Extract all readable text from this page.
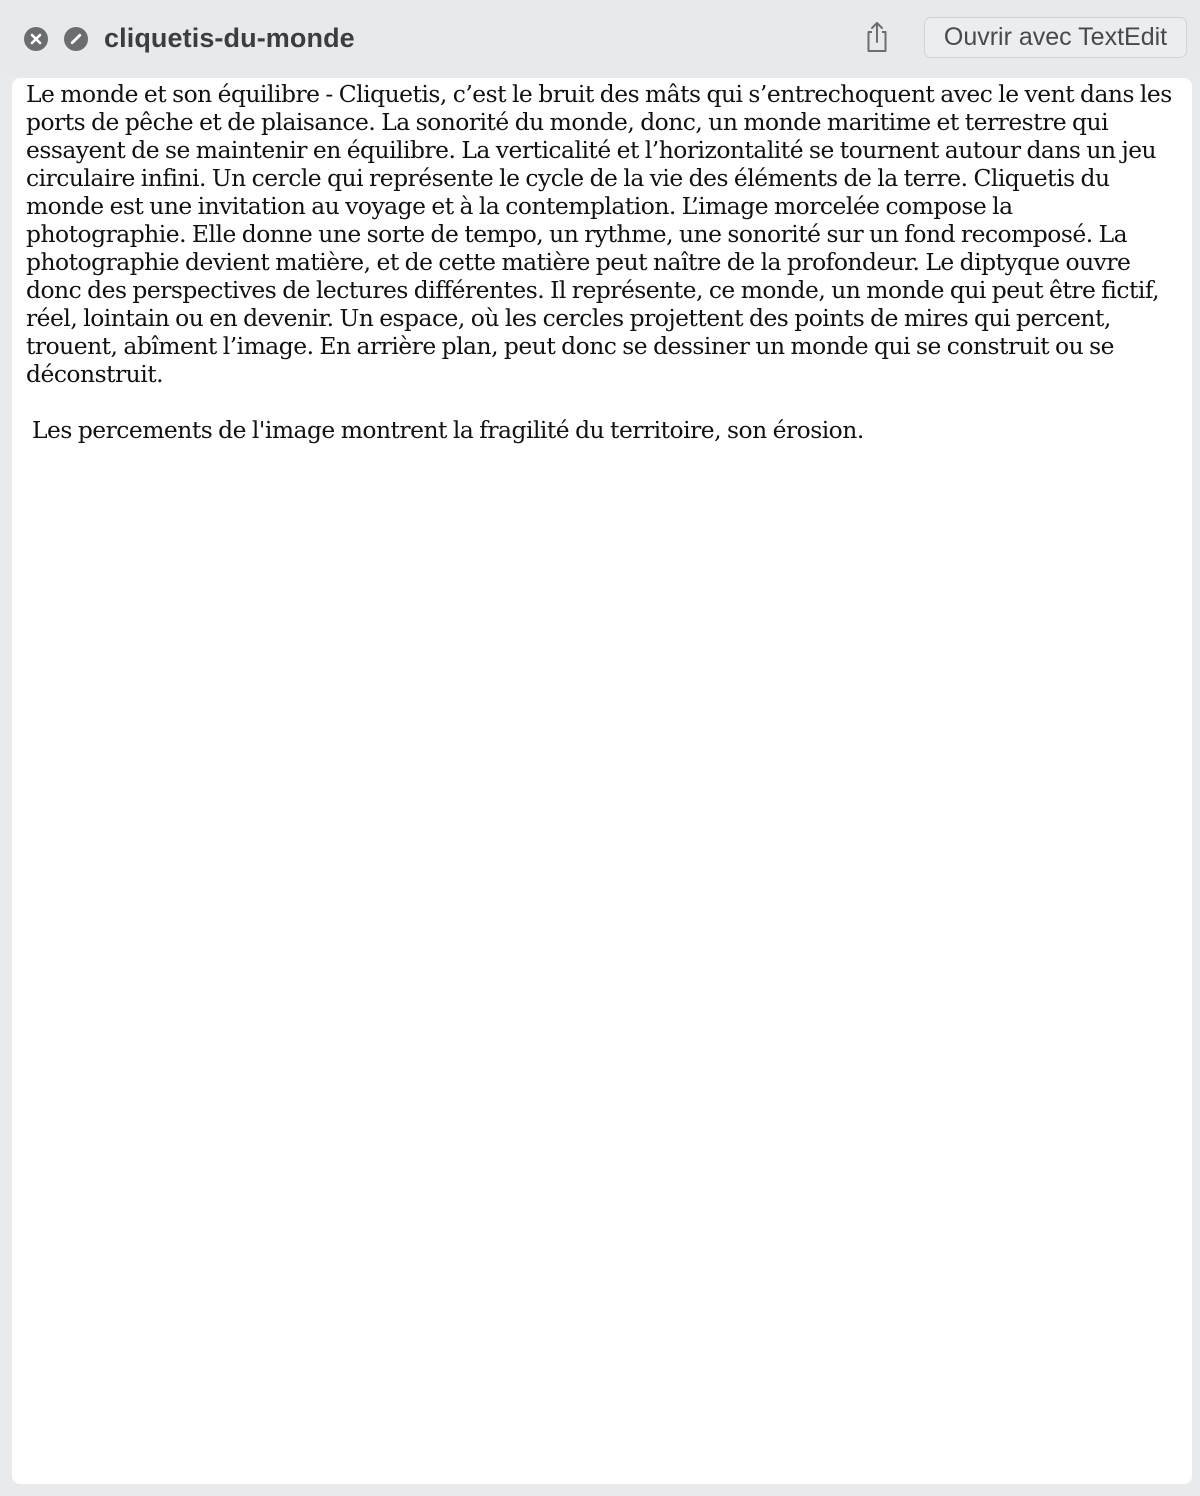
cliquetis-du-monde	Ouvrir avec TextEdit

Le monde et son équilibre - Cliquetis, c’est le bruit des mâts qui s’entrechoquent avec le vent dans les ports de pêche et de plaisance. La sonorité du monde, donc, un monde maritime et terrestre qui essayent de se maintenir en équilibre. La verticalité et l’horizontalité se tournent autour dans un jeu circulaire infini. Un cercle qui représente le cycle de la vie des éléments de la terre. Cliquetis du monde est une invitation au voyage et à la contemplation. L’image morcelée compose la photographie. Elle donne une sorte de tempo, un rythme, une sonorité sur un fond recomposé. La photographie devient matière, et de cette matière peut naître de la profondeur. Le diptyque ouvre donc des perspectives de lectures différentes. Il représente, ce monde, un monde qui peut être fictif, réel, lointain ou en devenir. Un espace, où les cercles projettent des points de mires qui percent, trouent, abîment l’image. En arrière plan, peut donc se dessiner un monde qui se construit ou se déconstruit.

Les percements de l'image montrent la fragilité du territoire, son érosion.
